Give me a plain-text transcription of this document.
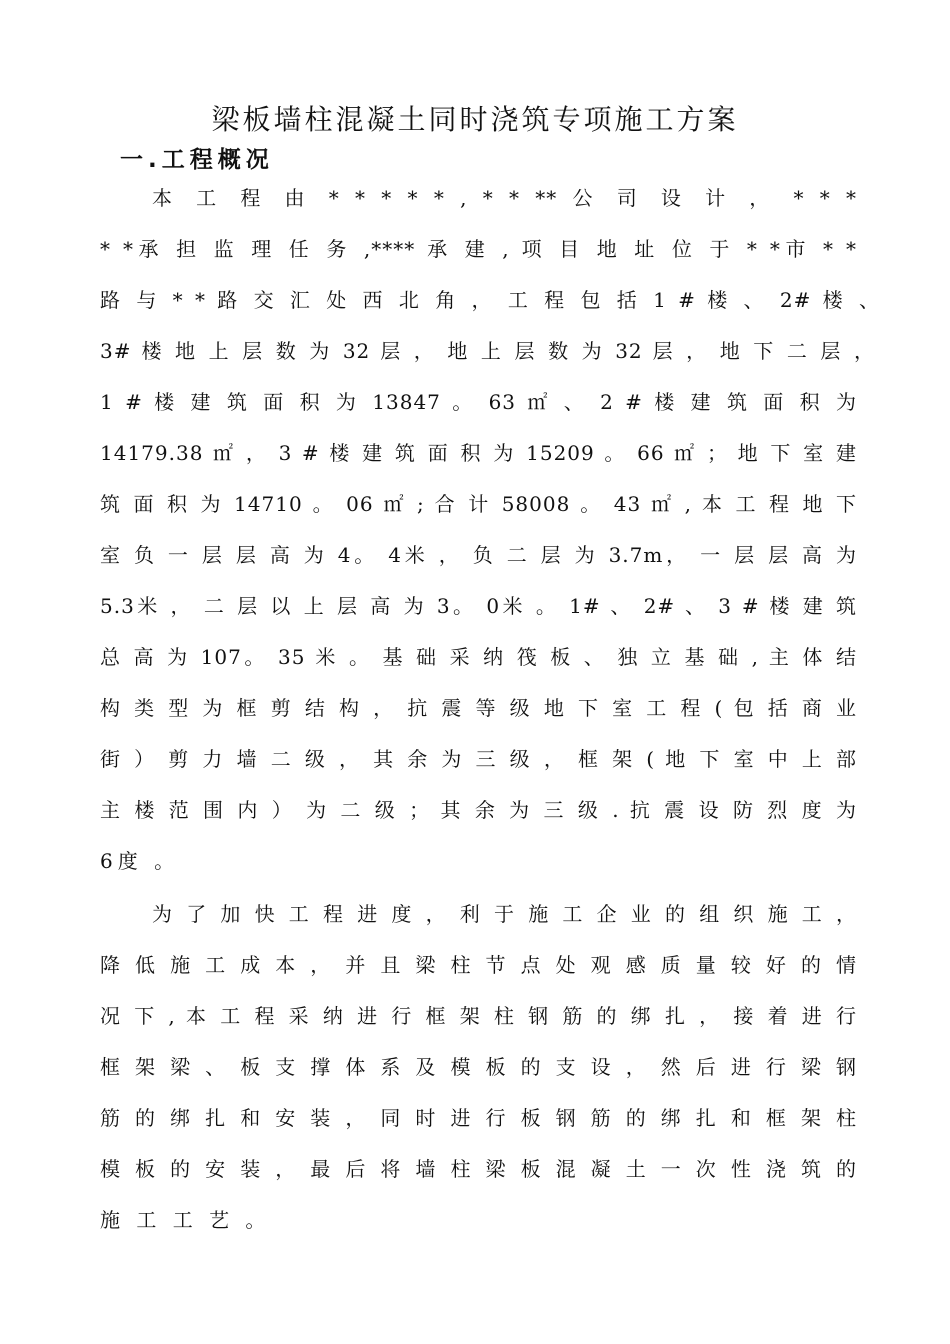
梁板墙柱混凝土同时浇筑专项施工方案
一.工程概况
本 工 程 由 * * * * * , * * ** 公 司 设 计 ， * * *
* *承 担 监 理 任 务 ,**** 承 建 , 项 目 地 址 位 于 * *市 * *
路 与 * * 路 交 汇 处 西 北 角 ， 工 程 包 括 1 # 楼 、 2# 楼 、
3# 楼 地 上 层 数 为 32 层 ， 地 上 层 数 为 32 层 ， 地 下 二 层 ，
1 # 楼 建 筑 面 积 为 13847 。 63 ㎡ 、 2 # 楼 建 筑 面 积 为
14179.38 ㎡ ， 3 # 楼 建 筑 面 积 为 15209 。 66 ㎡ ； 地 下 室 建
筑 面 积 为 14710 。 06 ㎡ ; 合 计 58008 。 43 ㎡ , 本 工 程 地 下
室 负 一 层 层 高 为 4。 4米 ， 负 二 层 为 3.7m， 一 层 层 高 为
5.3米 ， 二 层 以 上 层 高 为 3。 0米 。 1# 、 2# 、 3 # 楼 建 筑
总 高 为 107。 35 米 。 基 础 采 纳 筏 板 、 独 立 基 础 , 主 体 结
构 类 型 为 框 剪 结 构 ， 抗 震 等 级 地 下 室 工 程 ( 包 括 商 业
街 ） 剪 力 墙 二 级 ， 其 余 为 三 级 ， 框 架 ( 地 下 室 中 上 部
主 楼 范 围 内 ） 为 二 级 ； 其 余 为 三 级 . 抗 震 设 防 烈 度 为
6度 。
为 了 加 快 工 程 进 度 ， 利 于 施 工 企 业 的 组 织 施 工 ，
降 低 施 工 成 本 ， 并 且 梁 柱 节 点 处 观 感 质 量 较 好 的 情
况 下 , 本 工 程 采 纳 进 行 框 架 柱 钢 筋 的 绑 扎 ， 接 着 进 行
框 架 梁 、 板 支 撑 体 系 及 模 板 的 支 设 ， 然 后 进 行 梁 钢
筋 的 绑 扎 和 安 装 ， 同 时 进 行 板 钢 筋 的 绑 扎 和 框 架 柱
模 板 的 安 装 ， 最 后 将 墙 柱 梁 板 混 凝 土 一 次 性 浇 筑 的
施 工 工 艺 。
